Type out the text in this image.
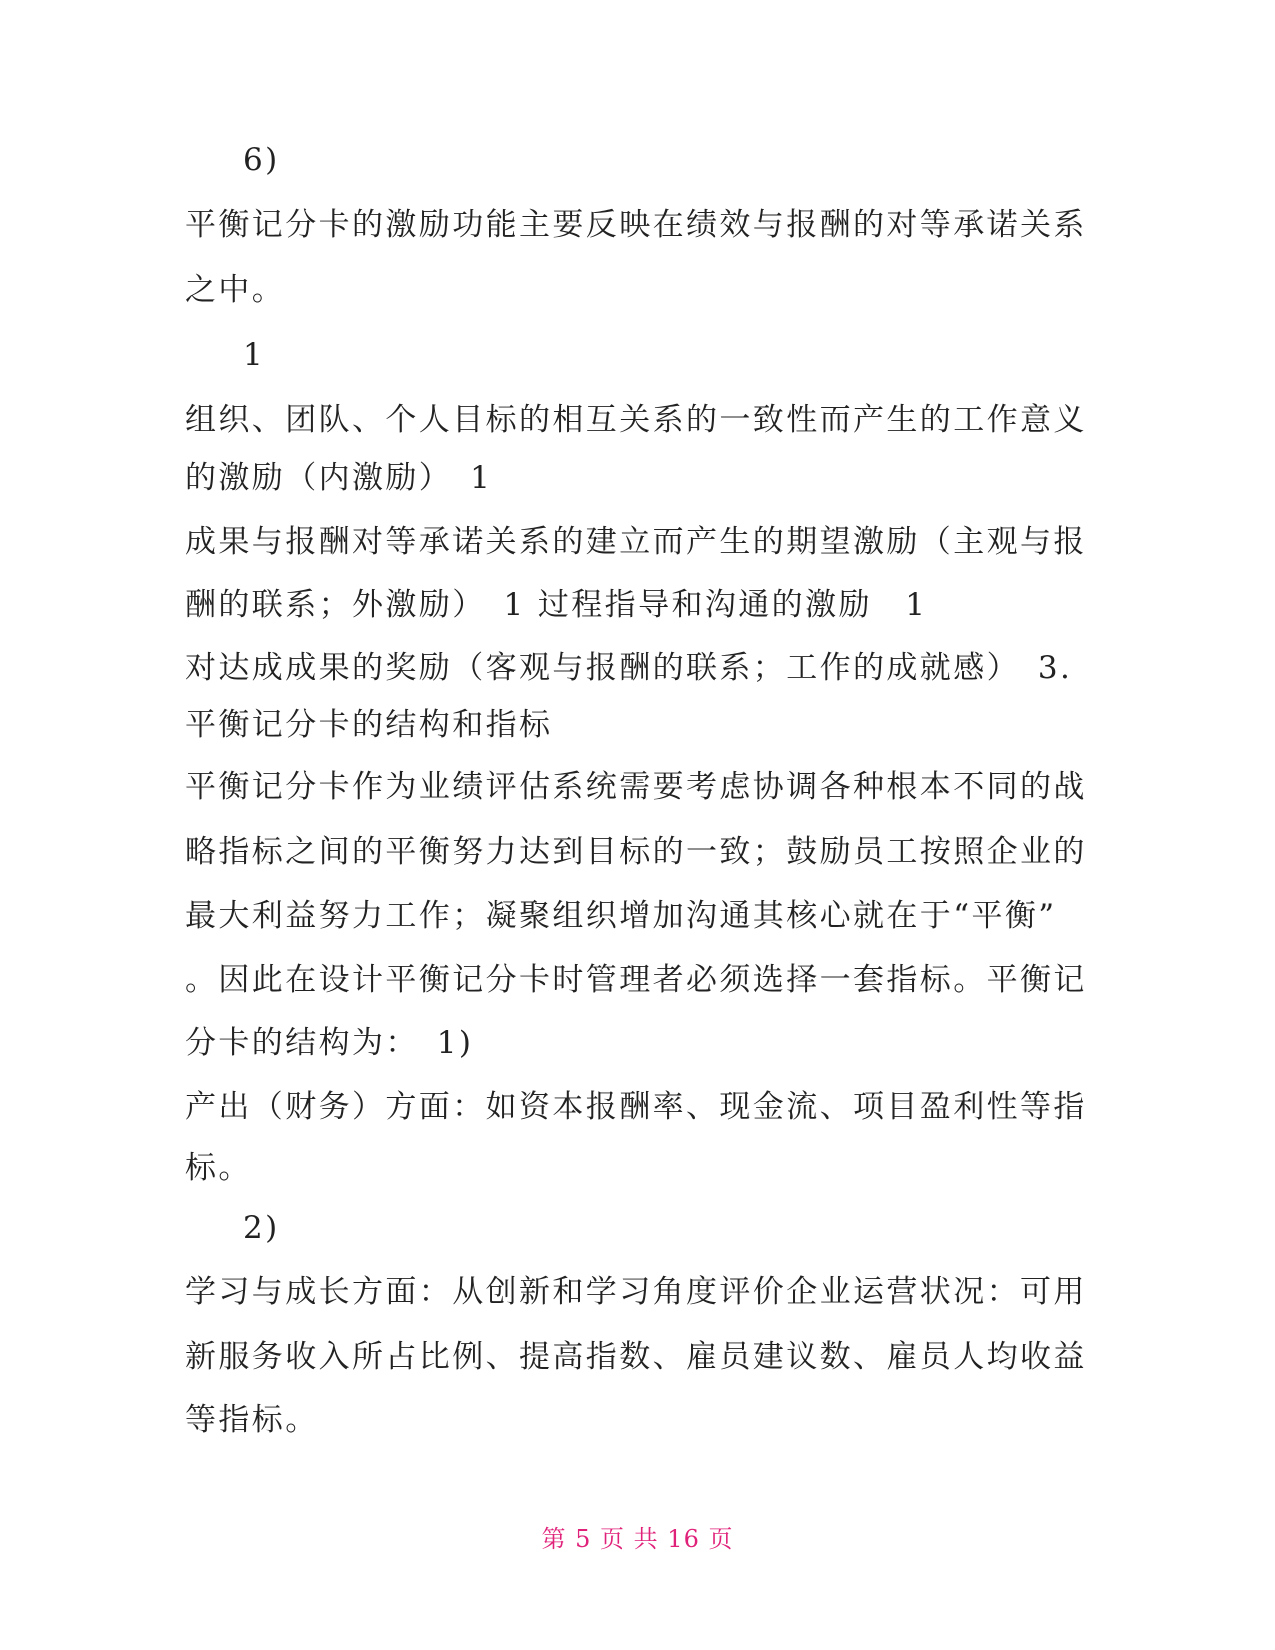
6)
平衡记分卡的激励功能主要反映在绩效与报酬的对等承诺关系
之中。
1
组织、团队、个人目标的相互关系的一致性而产生的工作意义
的激励（内激励）　1
成果与报酬对等承诺关系的建立而产生的期望激励（主观与报
酬的联系；外激励）　1 过程指导和沟通的激励　1
对达成成果的奖励（客观与报酬的联系；工作的成就感）　3.
平衡记分卡的结构和指标
平衡记分卡作为业绩评估系统需要考虑协调各种根本不同的战
略指标之间的平衡努力达到目标的一致；鼓励员工按照企业的
最大利益努力工作；凝聚组织增加沟通其核心就在于“平衡”
。因此在设计平衡记分卡时管理者必须选择一套指标。平衡记
分卡的结构为：　1)
产出（财务）方面：如资本报酬率、现金流、项目盈利性等指
标。
2)
学习与成长方面：从创新和学习角度评价企业运营状况：可用
新服务收入所占比例、提高指数、雇员建议数、雇员人均收益
等指标。
第 5 页 共 16 页
